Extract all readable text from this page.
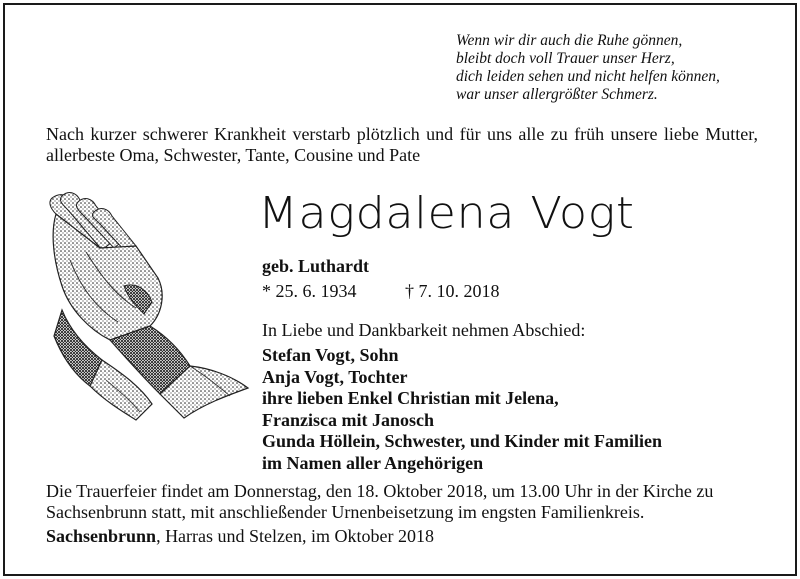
Wenn wir dir auch die Ruhe gönnen,
bleibt doch voll Trauer unser Herz,
dich leiden sehen und nicht helfen können,
war unser allergrößter Schmerz.
Nach kurzer schwerer Krankheit verstarb plötzlich und für uns alle zu früh unsere liebe Mutter, allerbeste Oma, Schwester, Tante, Cousine und Pate
Magdalena Vogt
geb. Luthardt
* 25. 6. 1934	† 7. 10. 2018
In Liebe und Dankbarkeit nehmen Abschied:
Stefan Vogt, Sohn
Anja Vogt, Tochter
ihre lieben Enkel Christian mit Jelena,
Franzisca mit Janosch
Gunda Höllein, Schwester, und Kinder mit Familien
im Namen aller Angehörigen
Die Trauerfeier findet am Donnerstag, den 18. Oktober 2018, um 13.00 Uhr in der Kirche zu Sachsenbrunn statt, mit anschließender Urnenbeisetzung im engsten Familienkreis.
Sachsenbrunn, Harras und Stelzen, im Oktober 2018
